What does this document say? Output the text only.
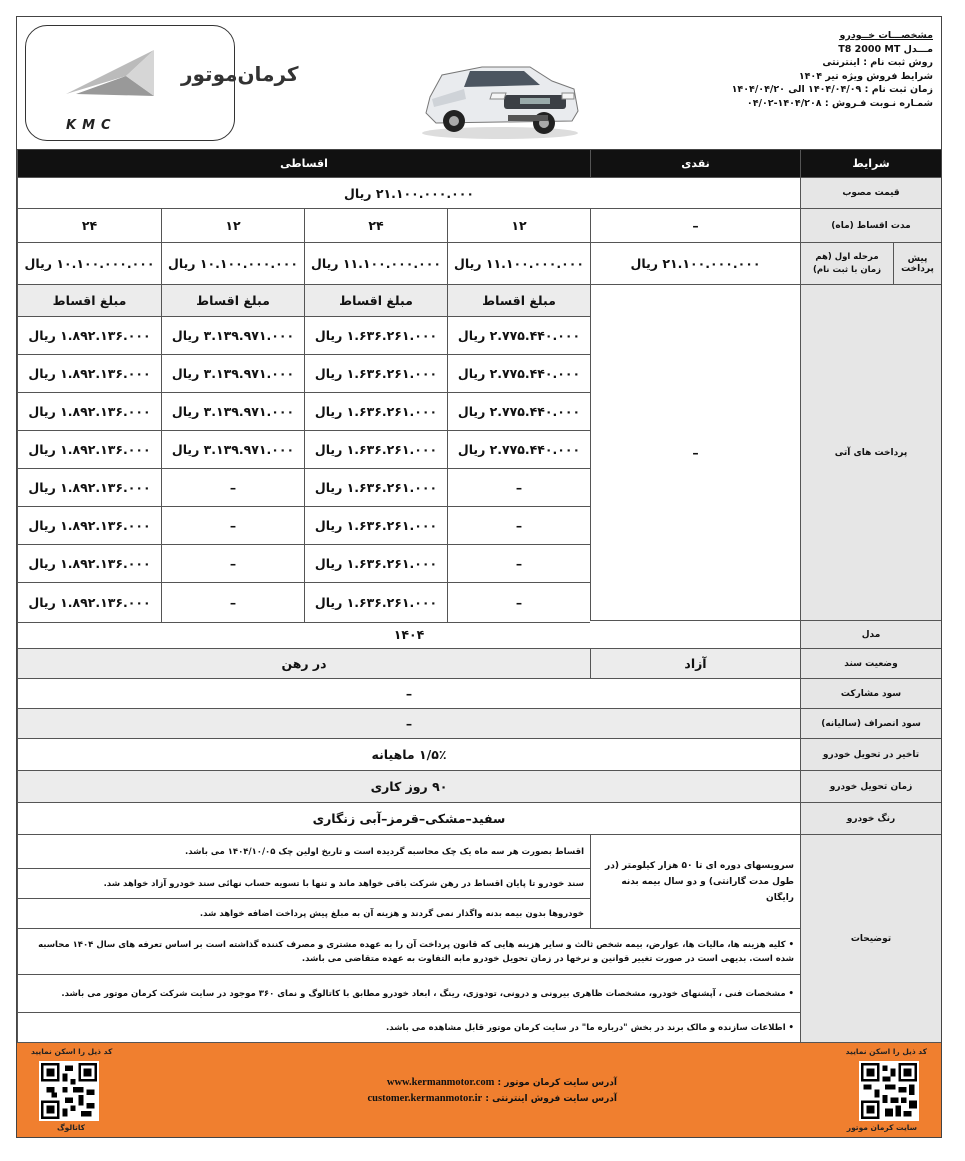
مشخصـــات خــودرو
مـــدل T8 2000 MT
روش ثبت نام : اینترنتی
شرایط فروش ویژه تیر ۱۴۰۴
زمان ثبت نام : ۱۴۰۴/۰۴/۰۹ الی ۱۴۰۴/۰۴/۲۰
شمـاره نـوبت فـروش : ۱۴۰۴/۲۰۸-۰۴/۰۲
کرمان‌موتور
KMC
شرایط
نقدی
اقساطی
قیمت مصوب
۲۱.۱۰۰.۰۰۰.۰۰۰ ریال
مدت اقساط (ماه)
–
۱۲
۲۴
۱۲
۲۴
پیش پرداخت
مرحله اول (هم زمان با ثبت نام)
۲۱.۱۰۰.۰۰۰.۰۰۰ ریال
۱۱.۱۰۰.۰۰۰.۰۰۰ ریال
۱۱.۱۰۰.۰۰۰.۰۰۰ ریال
۱۰.۱۰۰.۰۰۰.۰۰۰ ریال
۱۰.۱۰۰.۰۰۰.۰۰۰ ریال
پرداخت های آتی
–
مبلغ اقساط
مبلغ اقساط
مبلغ اقساط
مبلغ اقساط
۲.۷۷۵.۴۴۰.۰۰۰ ریال
۱.۶۳۶.۲۶۱.۰۰۰ ریال
۳.۱۳۹.۹۷۱.۰۰۰ ریال
۱.۸۹۲.۱۳۶.۰۰۰ ریال
۲.۷۷۵.۴۴۰.۰۰۰ ریال
۱.۶۳۶.۲۶۱.۰۰۰ ریال
۳.۱۳۹.۹۷۱.۰۰۰ ریال
۱.۸۹۲.۱۳۶.۰۰۰ ریال
۲.۷۷۵.۴۴۰.۰۰۰ ریال
۱.۶۳۶.۲۶۱.۰۰۰ ریال
۳.۱۳۹.۹۷۱.۰۰۰ ریال
۱.۸۹۲.۱۳۶.۰۰۰ ریال
۲.۷۷۵.۴۴۰.۰۰۰ ریال
۱.۶۳۶.۲۶۱.۰۰۰ ریال
۳.۱۳۹.۹۷۱.۰۰۰ ریال
۱.۸۹۲.۱۳۶.۰۰۰ ریال
–
۱.۶۳۶.۲۶۱.۰۰۰ ریال
–
۱.۸۹۲.۱۳۶.۰۰۰ ریال
–
۱.۶۳۶.۲۶۱.۰۰۰ ریال
–
۱.۸۹۲.۱۳۶.۰۰۰ ریال
–
۱.۶۳۶.۲۶۱.۰۰۰ ریال
–
۱.۸۹۲.۱۳۶.۰۰۰ ریال
–
۱.۶۳۶.۲۶۱.۰۰۰ ریال
–
۱.۸۹۲.۱۳۶.۰۰۰ ریال
مدل
۱۴۰۴
وضعیت سند
آزاد
در رهن
سود مشارکت
–
سود انصراف (سالیانه)
–
تاخیر در تحویل خودرو
۱/۵٪ ماهیانه
زمان تحویل خودرو
۹۰ روز کاری
رنگ خودرو
سفید–مشکی–قرمز–آبی زنگاری
توضیحات
سرویسهای دوره ای تا ۵۰ هزار کیلومتر (در طول مدت گارانتی) و دو سال بیمه بدنه رایگان
اقساط بصورت هر سه ماه یک چک محاسبه گردیده است و تاریخ اولین چک ۱۴۰۴/۱۰/۰۵ می باشد.
سند خودرو تا پایان اقساط در رهن شرکت باقی خواهد ماند و تنها با تسویه حساب نهائی سند خودرو آزاد خواهد شد.
خودروها بدون بیمه بدنه واگذار نمی گردند و هزینه آن به مبلغ پیش پرداخت اضافه خواهد شد.
• کلیه هزینه ها، مالیات ها، عوارض، بیمه شخص ثالث و سایر هزینه هایی که قانون پرداخت آن را به عهده مشتری و مصرف کننده گذاشته است بر اساس تعرفه های سال ۱۴۰۴ محاسبه شده است. بدیهی است در صورت تغییر قوانین و نرخها در زمان تحویل خودرو مابه التفاوت به عهده متقاضی می باشد.
• مشخصات فنی ، آپشنهای خودرو، مشخصات ظاهری بیرونی و درونی، تودوزی، رینگ ، ابعاد خودرو مطابق با کاتالوگ و نمای ۳۶۰ موجود در سایت شرکت کرمان موتور می باشد.
• اطلاعات سازنده و مالک برند در بخش "درباره ما" در سایت کرمان موتور قابل مشاهده می باشد.
کد ذیل را اسکن نمایید
سایت کرمان موتور
کد ذیل را اسکن نمایید
کاتالوگ
آدرس سایت کرمان موتور : www.kermanmotor.com
آدرس سایت فروش اینترنتی : customer.kermanmotor.ir
